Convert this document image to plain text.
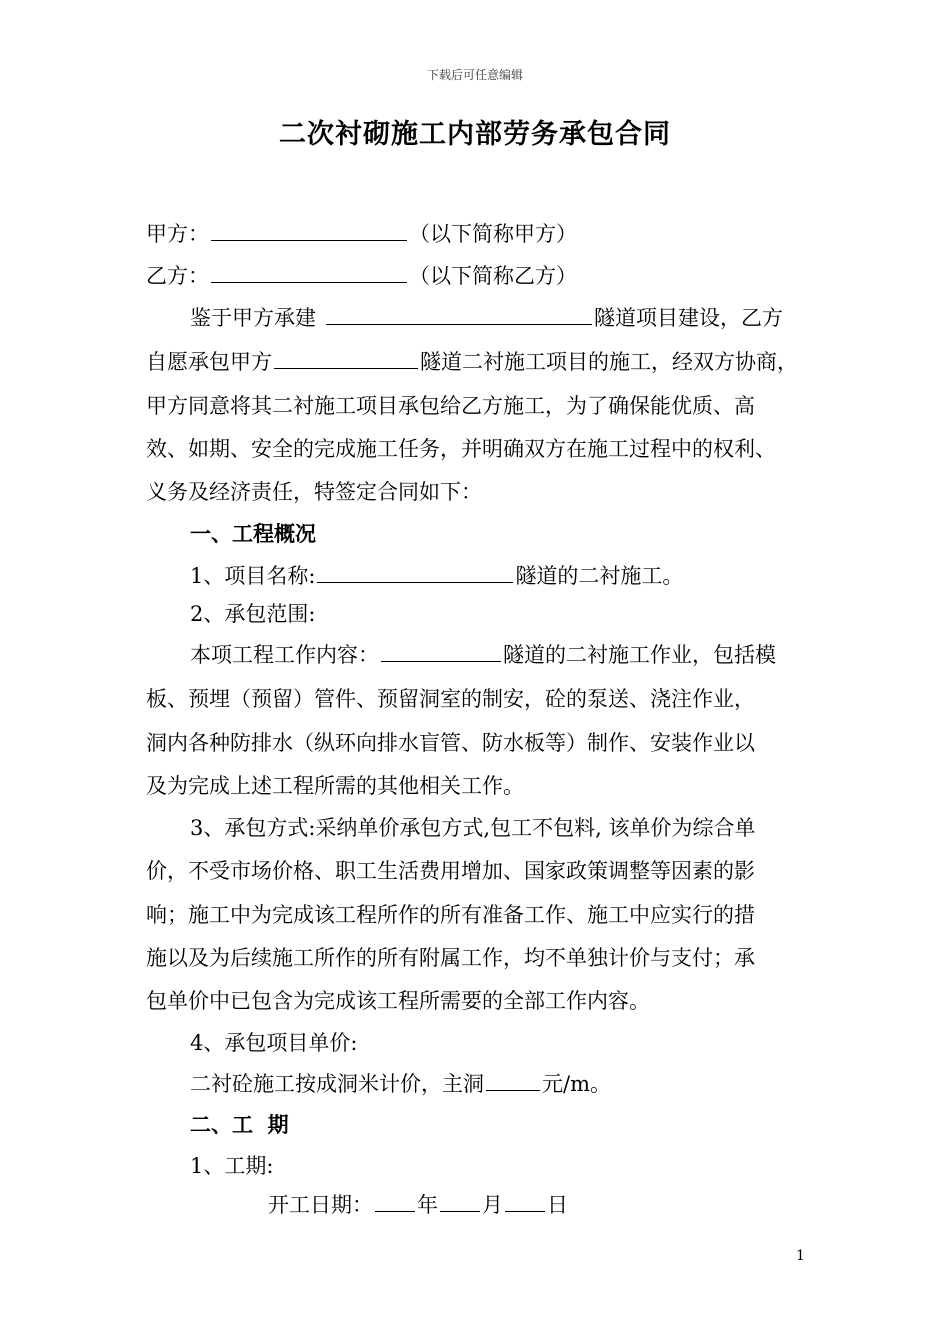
下载后可任意编辑
二次衬砌施工内部劳务承包合同
甲方：	（以下简称甲方）
乙方：	（以下简称乙方）
鉴于甲方承建	隧道项目建设，乙方
自愿承包甲方	隧道二衬施工项目的施工，经双方协商，
甲方同意将其二衬施工项目承包给乙方施工，为了确保能优质、高
效、如期、安全的完成施工任务，并明确双方在施工过程中的权利、
义务及经济责任，特签定合同如下：
一、工程概况
1、项目名称:	隧道的二衬施工。
2、承包范围:
本项工程工作内容：	隧道的二衬施工作业，包括模
板、预埋（预留）管件、预留洞室的制安，砼的泵送、浇注作业，
洞内各种防排水（纵环向排水盲管、防水板等）制作、安装作业以
及为完成上述工程所需的其他相关工作。
3、承包方式:采纳单价承包方式,包工不包料, 该单价为综合单
价，不受市场价格、职工生活费用增加、国家政策调整等因素的影
响；施工中为完成该工程所作的所有准备工作、施工中应实行的措
施以及为后续施工所作的所有附属工作，均不单独计价与支付；承
包单价中已包含为完成该工程所需要的全部工作内容。
4、承包项目单价:
二衬砼施工按成洞米计价，主洞	元/m。
二、工  期
1、工期:
开工日期： 年 月 日
1
